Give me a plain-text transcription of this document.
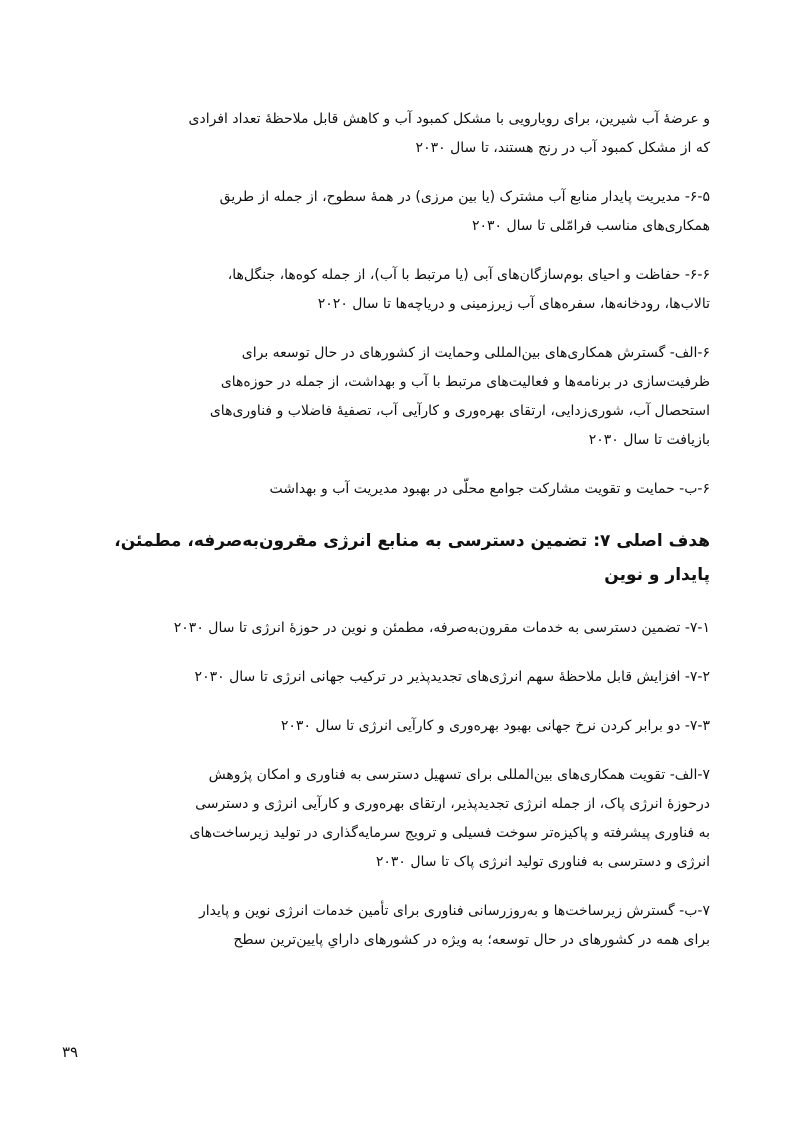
و عرضهٔ آب شیرین، برای رویارویی با مشکل کمبود آب و کاهش قابل ملاحظهٔ تعداد افرادی
که از مشکل کمبود آب در رنج هستند، تا سال ۲۰۳۰
۶-۵- مدیریت پایدار منابع آب مشترک (یا بین مرزی) در همهٔ سطوح، از جمله از طریق
همکاری‌های مناسب فرامّلی تا سال ۲۰۳۰
۶-۶- حفاظت و احیای بوم‌سازگان‌های آبی (یا مرتبط با آب)، از جمله کوه‌ها، جنگل‌ها،
تالاب‌ها، رودخانه‌ها، سفره‌های آب زیرزمینی و دریاچه‌ها تا سال ۲۰۲۰
۶-الف- گسترش همکاری‌های بین‌المللی وحمایت از کشورهای در حال توسعه برای
ظرفیت‌سازی در برنامه‌ها و فعالیت‌های مرتبط با آب و بهداشت، از جمله در حوزه‌های
استحصال آب، شوری‌زدایی، ارتقای بهره‌وری و کارآیی آب، تصفیهٔ فاضلاب و فناوری‌های
بازیافت تا سال ۲۰۳۰
۶-ب- حمایت و تقویت مشارکت جوامع محلّی در بهبود مدیریت آب و بهداشت
هدف اصلی ۷: تضمین دسترسی به منابع انرژی مقرون‌به‌صرفه، مطمئن،
پایدار و نوین
۷-۱- تضمین دسترسی به خدمات مقرون‌به‌صرفه، مطمئن و نوین در حوزهٔ انرژی تا سال ۲۰۳۰
۷-۲- افزایش قابل ملاحظهٔ سهم انرژی‌های تجدیدپذیر در ترکیب جهانی انرژی تا سال ۲۰۳۰
۷-۳- دو برابر کردن نرخ جهانی بهبود بهره‌وری و کارآیی انرژی تا سال ۲۰۳۰
۷-الف- تقویت همکاری‌های بین‌المللی برای تسهیل دسترسی به فناوری و امکان پژوهش
درحوزهٔ انرژی پاک، از جمله انرژی تجدیدپذیر، ارتقای بهره‌وری و کارآیی انرژی و دسترسی
به فناوری پیشرفته و پاکیزه‌تر سوخت فسیلی و ترویج سرمایه‌گذاری در تولید زیرساخت‌های
انرژی و دسترسی به فناوری تولید انرژی پاک تا سال ۲۰۳۰
۷-ب- گسترش زیرساخت‌ها و به‌روزرسانی فناوری برای تأمین خدمات انرژی نوین و پایدار
برای همه در کشورهای در حال توسعه؛ به ویژه در کشورهای دارایِ پایین‌ترین سطح
۳۹
